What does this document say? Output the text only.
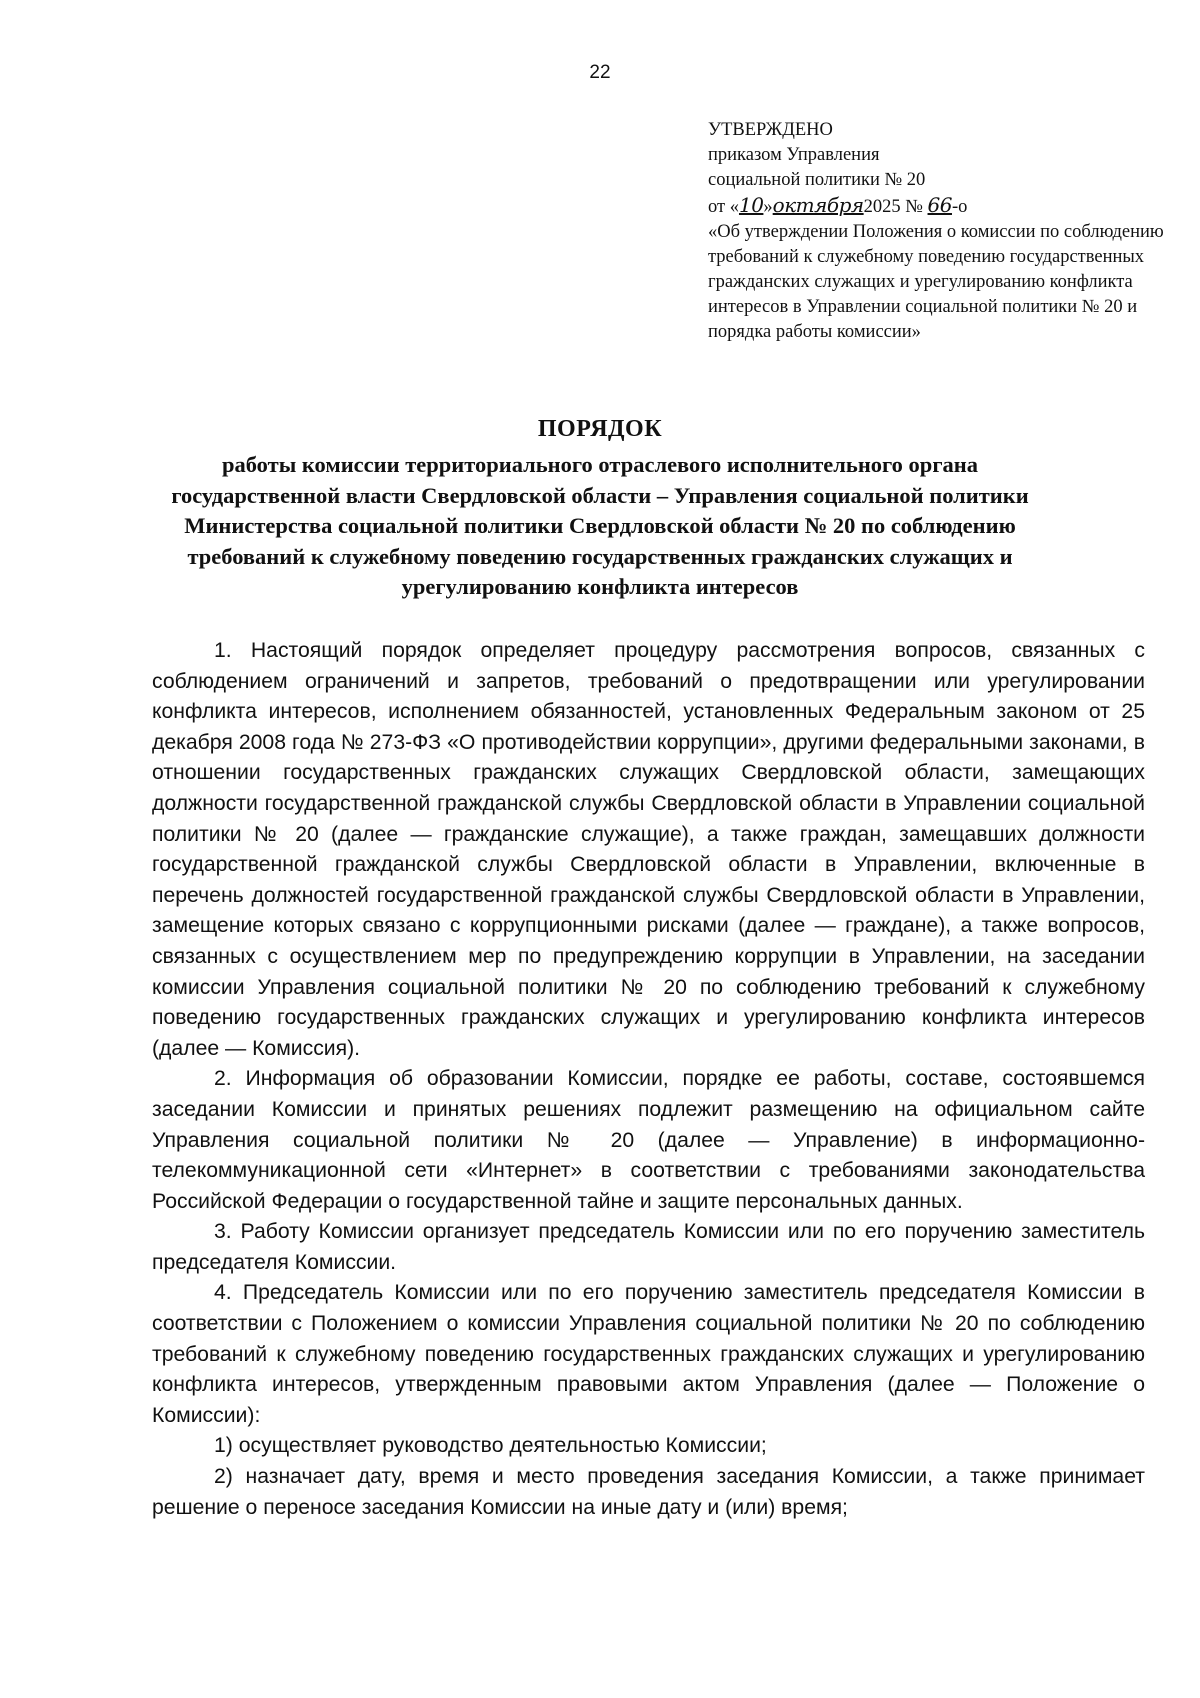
22
УТВЕРЖДЕНО
приказом Управления
социальной политики № 20
от «10»октября2025 № 66-о
«Об утверждении Положения о комиссии по соблюдению требований к служебному поведению государственных гражданских служащих и урегулированию конфликта интересов в Управлении социальной политики № 20 и порядка работы комиссии»
ПОРЯДОК
работы комиссии территориального отраслевого исполнительного органа государственной власти Свердловской области – Управления социальной политики Министерства социальной политики Свердловской области № 20 по соблюдению требований к служебному поведению государственных гражданских служащих и урегулированию конфликта интересов

1. Настоящий порядок определяет процедуру рассмотрения вопросов, связанных с соблюдением ограничений и запретов, требований о предотвращении или урегулировании конфликта интересов, исполнением обязанностей, установленных Федеральным законом от 25 декабря 2008 года № 273-ФЗ «О противодействии коррупции», другими федеральными законами, в отношении государственных гражданских служащих Свердловской области, замещающих должности государственной гражданской службы Свердловской области в Управлении социальной политики № 20 (далее — гражданские служащие), а также граждан, замещавших должности государственной гражданской службы Свердловской области в Управлении, включенные в перечень должностей государственной гражданской службы Свердловской области в Управлении, замещение которых связано с коррупционными рисками (далее — граждане), а также вопросов, связанных с осуществлением мер по предупреждению коррупции в Управлении, на заседании комиссии Управления социальной политики № 20 по соблюдению требований к служебному поведению государственных гражданских служащих и урегулированию конфликта интересов (далее — Комиссия).

2. Информация об образовании Комиссии, порядке ее работы, составе, состоявшемся заседании Комиссии и принятых решениях подлежит размещению на официальном сайте Управления социальной политики № 20 (далее — Управление) в информационно-телекоммуникационной сети «Интернет» в соответствии с требованиями законодательства Российской Федерации о государственной тайне и защите персональных данных.

3. Работу Комиссии организует председатель Комиссии или по его поручению заместитель председателя Комиссии.

4. Председатель Комиссии или по его поручению заместитель председателя Комиссии в соответствии с Положением о комиссии Управления социальной политики № 20 по соблюдению требований к служебному поведению государственных гражданских служащих и урегулированию конфликта интересов, утвержденным правовыми актом Управления (далее — Положение о Комиссии):

1) осуществляет руководство деятельностью Комиссии;

2) назначает дату, время и место проведения заседания Комиссии, а также принимает решение о переносе заседания Комиссии на иные дату и (или) время;
